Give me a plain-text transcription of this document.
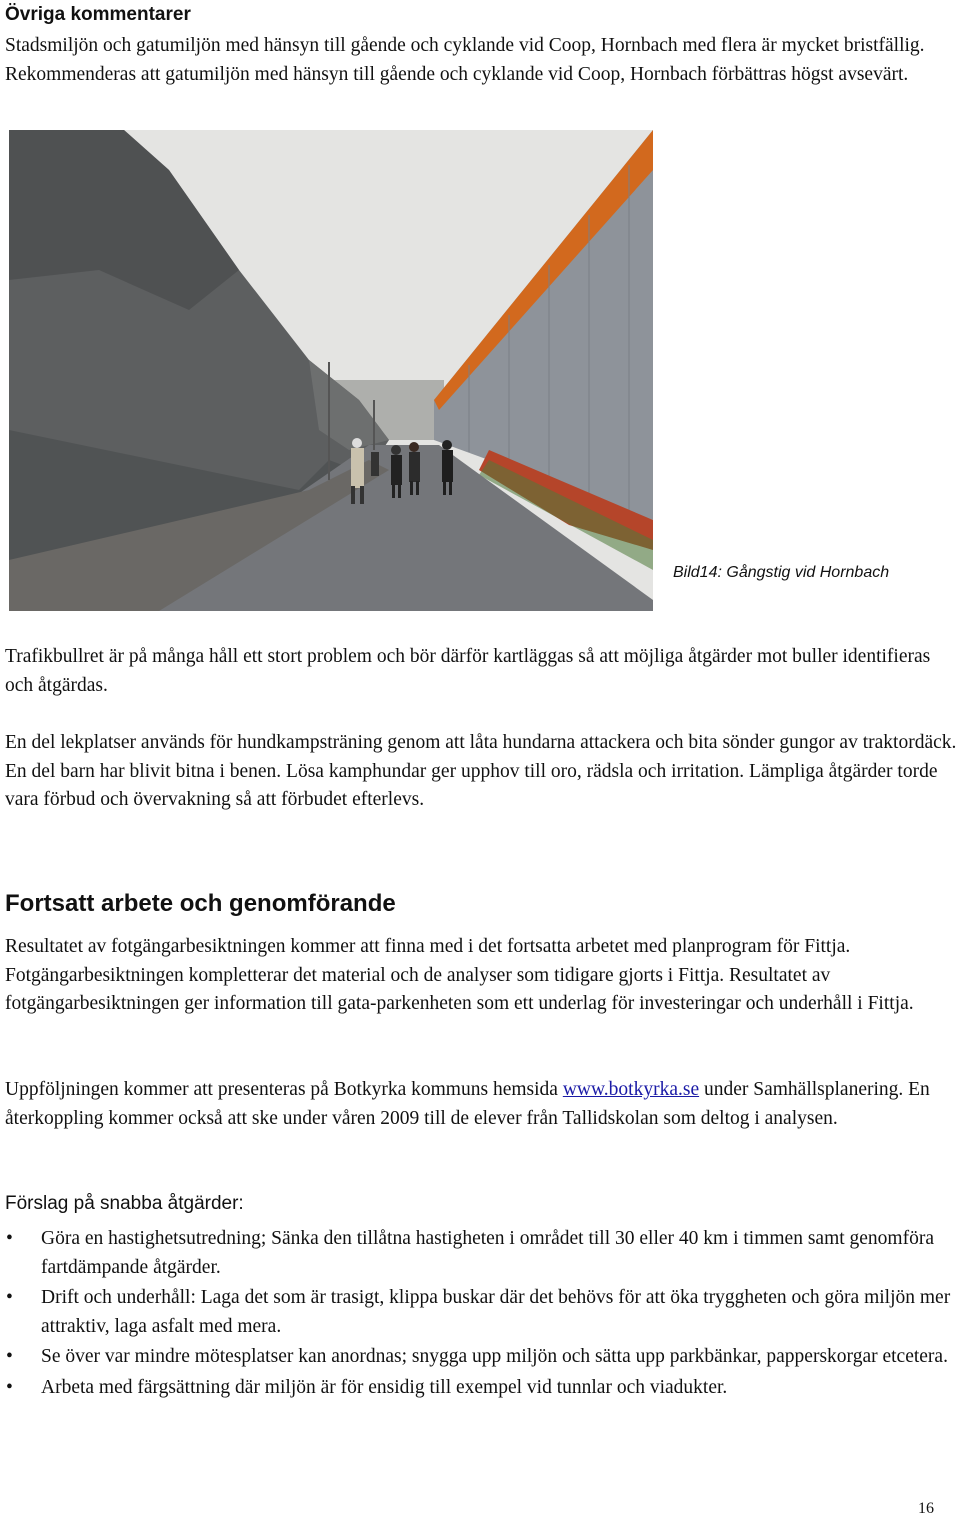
Övriga kommentarer

Stadsmiljön och gatumiljön med hänsyn till gående och cyklande vid Coop, Hornbach med flera är mycket bristfällig. Rekommenderas att gatumiljön med hänsyn till gående och cyklande vid Coop, Hornbach förbättras högst avsevärt.

Bild14: Gångstig vid Hornbach

Trafikbullret är på många håll ett stort problem och bör därför kartläggas så att möjliga åtgärder mot buller identifieras och åtgärdas.

En del lekplatser används för hundkampsträning genom att låta hundarna attackera och bita sönder gungor av traktordäck. En del barn har blivit bitna i benen. Lösa kamphundar ger upphov till oro, rädsla och irritation. Lämpliga åtgärder torde vara förbud och övervakning så att förbudet efterlevs.

Fortsatt arbete och genomförande

Resultatet av fotgängarbesiktningen kommer att finna med i det fortsatta arbetet med planprogram för Fittja. Fotgängarbesiktningen kompletterar det material och de analyser som tidigare gjorts i Fittja. Resultatet av fotgängarbesiktningen ger information till gata-parkenheten som ett underlag för investeringar och underhåll i Fittja.

Uppföljningen kommer att presenteras på Botkyrka kommuns hemsida www.botkyrka.se under Samhällsplanering. En återkoppling kommer också att ske under våren 2009 till de elever från Tallidskolan som deltog i analysen.

Förslag på snabba åtgärder:
• Göra en hastighetsutredning; Sänka den tillåtna hastigheten i området till 30 eller 40 km i timmen samt genomföra fartdämpande åtgärder.
• Drift och underhåll: Laga det som är trasigt, klippa buskar där det behövs för att öka tryggheten och göra miljön mer attraktiv, laga asfalt med mera.
• Se över var mindre mötesplatser kan anordnas; snygga upp miljön och sätta upp parkbänkar, papperskorgar etcetera.
• Arbeta med färgsättning där miljön är för ensidig till exempel vid tunnlar och viadukter.
16
